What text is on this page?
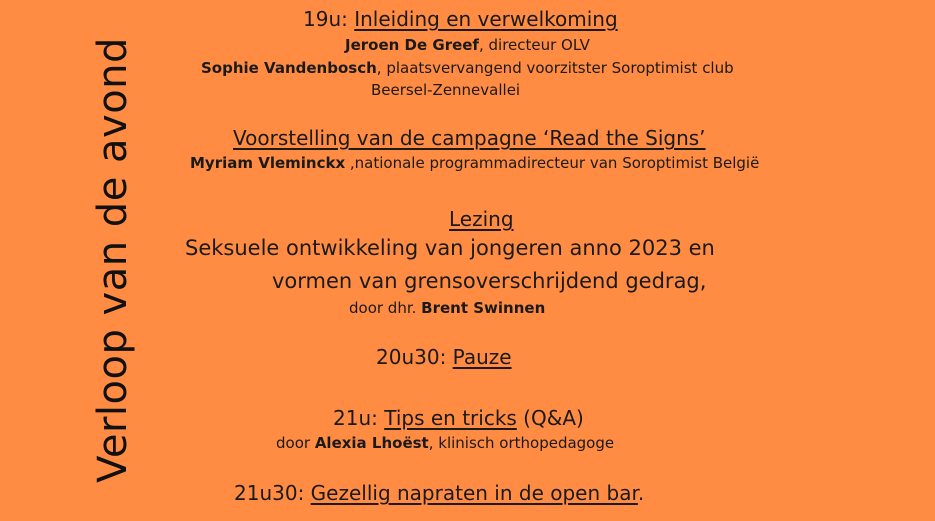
Verloop van de avond
19u: Inleiding en verwelkoming
Jeroen De Greef, directeur OLV
Sophie Vandenbosch, plaatsvervangend voorzitster Soroptimist club
Beersel-Zennevallei
Voorstelling van de campagne ‘Read the Signs’
Myriam Vleminckx ,nationale programmadirecteur van Soroptimist België
Lezing
Seksuele ontwikkeling van jongeren anno 2023 en
vormen van grensoverschrijdend gedrag,
door dhr. Brent Swinnen
20u30: Pauze
21u: Tips en tricks (Q&A)
door Alexia Lhoëst, klinisch orthopedagoge
21u30: Gezellig napraten in de open bar.
